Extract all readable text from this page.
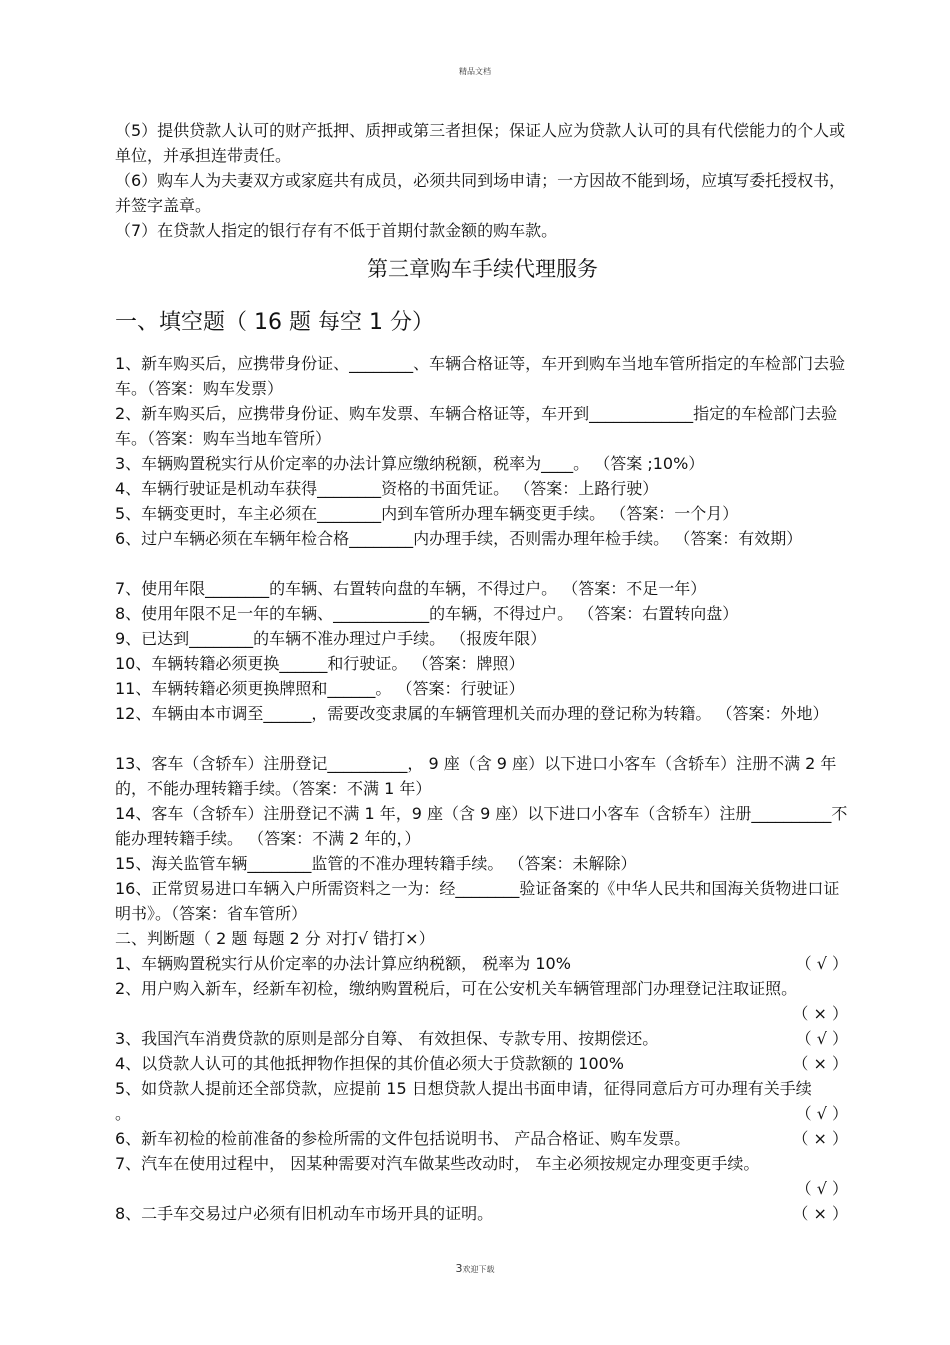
精品文档
（5）提供贷款人认可的财产抵押、质押或第三者担保；保证人应为贷款人认可的具有代偿能力的个人或单位，并承担连带责任。
（6）购车人为夫妻双方或家庭共有成员，必须共同到场申请；一方因故不能到场，应填写委托授权书，并签字盖章。
（7）在贷款人指定的银行存有不低于首期付款金额的购车款。
第三章购车手续代理服务
一、填空题（ 16 题 每空 1 分）
1、新车购买后，应携带身份证、________、车辆合格证等，车开到购车当地车管所指定的车检部门去验车。（答案：购车发票）
2、新车购买后，应携带身份证、购车发票、车辆合格证等，车开到_____________指定的车检部门去验车。（答案：购车当地车管所）
3、车辆购置税实行从价定率的办法计算应缴纳税额，税率为____。 （答案 ;10%）
4、车辆行驶证是机动车获得________资格的书面凭证。 （答案：上路行驶）
5、车辆变更时，车主必须在________内到车管所办理车辆变更手续。 （答案：一个月）
6、过户车辆必须在车辆年检合格________内办理手续，否则需办理年检手续。 （答案：有效期）
7、使用年限________的车辆、右置转向盘的车辆，不得过户。 （答案：不足一年）
8、使用年限不足一年的车辆、____________的车辆，不得过户。 （答案：右置转向盘）
9、已达到________的车辆不准办理过户手续。 （报废年限）
10、车辆转籍必须更换______和行驶证。 （答案：牌照）
11、车辆转籍必须更换牌照和______。 （答案：行驶证）
12、车辆由本市调至______，需要改变隶属的车辆管理机关而办理的登记称为转籍。 （答案：外地）
13、客车（含轿车）注册登记__________， 9 座（含 9 座）以下进口小客车（含轿车）注册不满 2 年的，不能办理转籍手续。（答案：不满 1 年）
14、客车（含轿车）注册登记不满 1 年，9 座（含 9 座）以下进口小客车（含轿车）注册__________不能办理转籍手续。 （答案：不满 2 年的，）
15、海关监管车辆________监管的不准办理转籍手续。 （答案：未解除）
16、正常贸易进口车辆入户所需资料之一为：经________验证备案的《中华人民共和国海关货物进口证明书》。（答案：省车管所）
二、判断题（ 2 题 每题 2 分 对打√ 错打×）
1、车辆购置税实行从价定率的办法计算应纳税额， 税率为 10%	（ √ ）
2、用户购入新车，经新车初检，缴纳购置税后，可在公安机关车辆管理部门办理登记注取证照。
（ × ）
3、我国汽车消费贷款的原则是部分自筹、 有效担保、专款专用、按期偿还。	（ √ ）
4、以贷款人认可的其他抵押物作担保的其价值必须大于贷款额的 100%	（ × ）
5、如贷款人提前还全部贷款，应提前 15 日想贷款人提出书面申请，征得同意后方可办理有关手续 。	（ √ ）
6、新车初检的检前准备的参检所需的文件包括说明书、 产品合格证、购车发票。	（ × ）
7、汽车在使用过程中， 因某种需要对汽车做某些改动时， 车主必须按规定办理变更手续。
（ √ ）
8、二手车交易过户必须有旧机动车市场开具的证明。	（ × ）
3欢迎下载
